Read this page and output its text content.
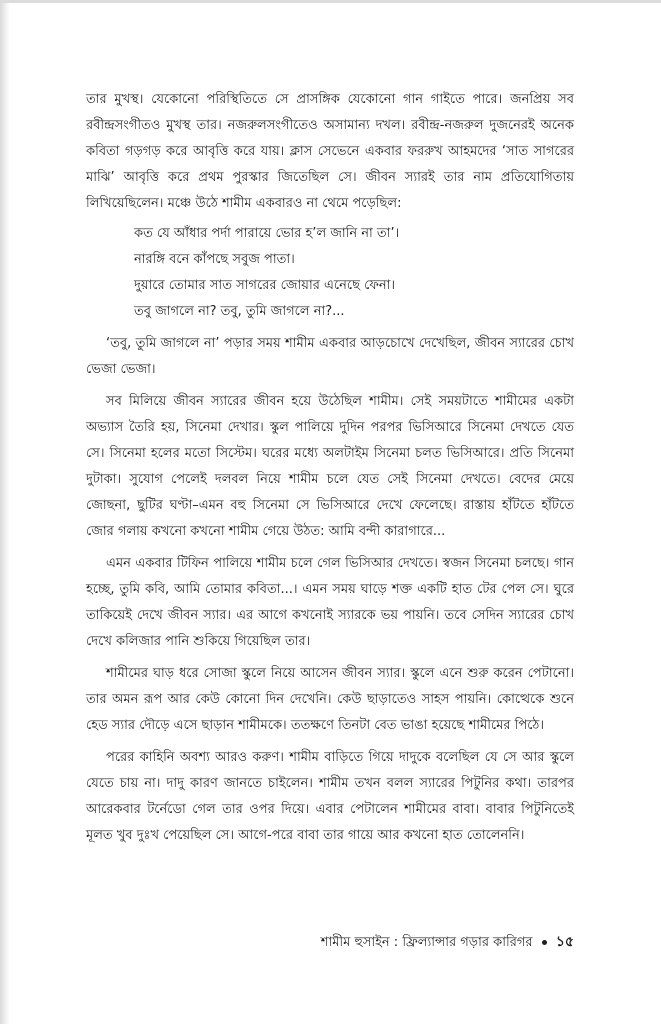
তার মুখস্থ। যেকোনো পরিস্থিতিতে সে প্রাসঙ্গিক যেকোনো গান গাইতে পারে। জনপ্রিয় সব রবীন্দ্রসংগীতও মুখস্থ তার। নজরুলসংগীতেও অসামান্য দখল। রবীন্দ্র-নজরুল দুজনেরই অনেক কবিতা গড়গড় করে আবৃত্তি করে যায়। ক্লাস সেভেনে একবার ফররুখ আহমদের ‘সাত সাগরের মাঝি’ আবৃত্তি করে প্রথম পুরস্কার জিতেছিল সে। জীবন স্যারই তার নাম প্রতিযোগিতায় লিখিয়েছিলেন। মঞ্চে উঠে শামীম একবারও না থেমে পড়েছিল:

কত যে আঁধার পর্দা পারায়ে ভোর হ’ল জানি না তা’।
নারঙ্গি বনে কাঁপছে সবুজ পাতা।
দুয়ারে তোমার সাত সাগরের জোয়ার এনেছে ফেনা।
তবু জাগলে না? তবু, তুমি জাগলে না?...

‘তবু, তুমি জাগলে না’ পড়ার সময় শামীম একবার আড়চোখে দেখেছিল, জীবন স্যারের চোখ ভেজা ভেজা।

সব মিলিয়ে জীবন স্যারের জীবন হয়ে উঠেছিল শামীম। সেই সময়টাতে শামীমের একটা অভ্যাস তৈরি হয়, সিনেমা দেখার। স্কুল পালিয়ে দুদিন পরপর ভিসিআরে সিনেমা দেখতে যেত সে। সিনেমা হলের মতো সিস্টেম। ঘরের মধ্যে অলটাইম সিনেমা চলত ভিসিআরে। প্রতি সিনেমা দুটাকা। সুযোগ পেলেই দলবল নিয়ে শামীম চলে যেত সেই সিনেমা দেখতে। বেদের মেয়ে জোছনা, ছুটির ঘণ্টা–এমন বহু সিনেমা সে ভিসিআরে দেখে ফেলেছে। রাস্তায় হাঁটতে হাঁটতে জোর গলায় কখনো কখনো শামীম গেয়ে উঠত: আমি বন্দী কারাগারে...

এমন একবার টিফিন পালিয়ে শামীম চলে গেল ভিসিআর দেখতে। স্বজন সিনেমা চলছে। গান হচ্ছে, তুমি কবি, আমি তোমার কবিতা...। এমন সময় ঘাড়ে শক্ত একটি হাত টের পেল সে। ঘুরে তাকিয়েই দেখে জীবন স্যার। এর আগে কখনোই স্যারকে ভয় পায়নি। তবে সেদিন স্যারের চোখ দেখে কলিজার পানি শুকিয়ে গিয়েছিল তার।

শামীমের ঘাড় ধরে সোজা স্কুলে নিয়ে আসেন জীবন স্যার। স্কুলে এনে শুরু করেন পেটানো। তার অমন রূপ আর কেউ কোনো দিন দেখেনি। কেউ ছাড়াতেও সাহস পায়নি। কোত্থেকে শুনে হেড স্যার দৌড়ে এসে ছাড়ান শামীমকে। ততক্ষণে তিনটা বেত ভাঙা হয়েছে শামীমের পিঠে।

পরের কাহিনি অবশ্য আরও করুণ। শামীম বাড়িতে গিয়ে দাদুকে বলেছিল যে সে আর স্কুলে যেতে চায় না। দাদু কারণ জানতে চাইলেন। শামীম তখন বলল স্যারের পিটুনির কথা। তারপর আরেকবার টর্নেডো গেল তার ওপর দিয়ে। এবার পেটালেন শামীমের বাবা। বাবার পিটুনিতেই মূলত খুব দুঃখ পেয়েছিল সে। আগে-পরে বাবা তার গায়ে আর কখনো হাত তোলেননি।

শামীম হুসাইন : ফ্রিল্যান্সার গড়ার কারিগর ১৫
